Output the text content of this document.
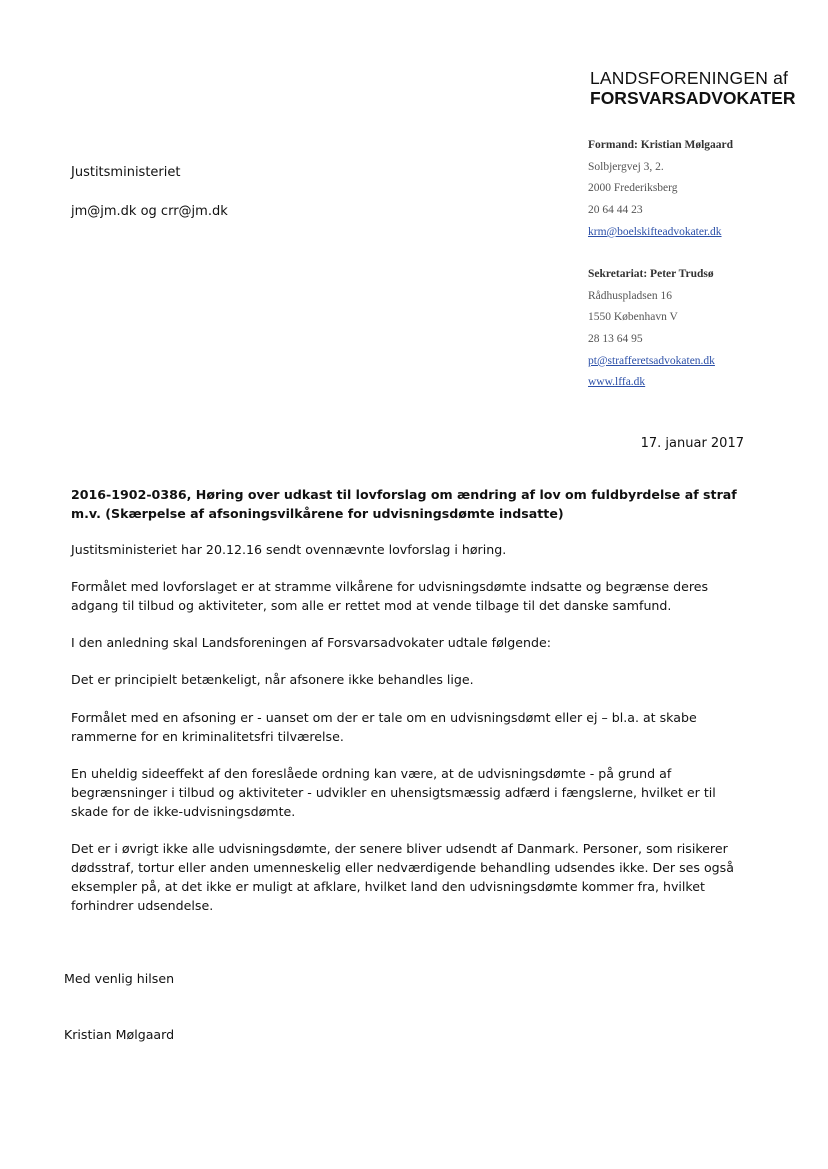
LANDSFORENINGEN af
FORSVARSADVOKATER
Formand: Kristian Mølgaard
Solbjergvej 3, 2.
2000 Frederiksberg
20 64 44 23
krm@boelskifteadvokater.dk
Sekretariat: Peter Trudsø
Rådhuspladsen 16
1550 København V
28 13 64 95
pt@strafferetsadvokaten.dk
www.lffa.dk
Justitsministeriet
jm@jm.dk og crr@jm.dk
17. januar 2017

2016-1902-0386, Høring over udkast til lovforslag om ændring af lov om fuldbyrdelse af straf m.v. (Skærpelse af afsoningsvilkårene for udvisningsdømte indsatte)

Justitsministeriet har 20.12.16 sendt ovennævnte lovforslag i høring.

Formålet med lovforslaget er at stramme vilkårene for udvisningsdømte indsatte og begrænse deres adgang til tilbud og aktiviteter, som alle er rettet mod at vende tilbage til det danske samfund.

I den anledning skal Landsforeningen af Forsvarsadvokater udtale følgende:

Det er principielt betænkeligt, når afsonere ikke behandles lige.

Formålet med en afsoning er - uanset om der er tale om en udvisningsdømt eller ej – bl.a. at skabe rammerne for en kriminalitetsfri tilværelse.

En uheldig sideeffekt af den foreslåede ordning kan være, at de udvisningsdømte - på grund af begrænsninger i tilbud og aktiviteter - udvikler en uhensigtsmæssig adfærd i fængslerne, hvilket er til skade for de ikke-udvisningsdømte.

Det er i øvrigt ikke alle udvisningsdømte, der senere bliver udsendt af Danmark. Personer, som risikerer dødsstraf, tortur eller anden umenneskelig eller nedværdigende behandling udsendes ikke. Der ses også eksempler på, at det ikke er muligt at afklare, hvilket land den udvisningsdømte kommer fra, hvilket forhindrer udsendelse.

Med venlig hilsen
Kristian Mølgaard
